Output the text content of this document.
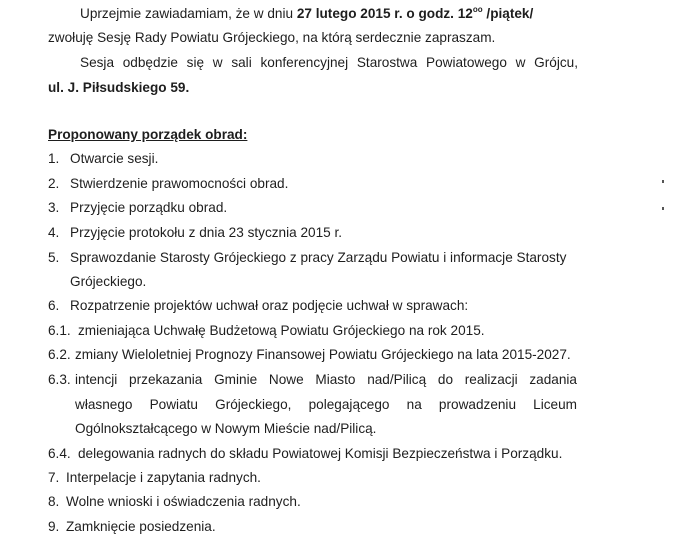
Uprzejmie zawiadamiam, że w dniu 27 lutego 2015 r. o godz. $12^{oo}$ /piątek/
zwołuję Sesję Rady Powiatu Grójeckiego, na którą serdecznie zapraszam.
Sesja odbędzie się w sali konferencyjnej Starostwa Powiatowego w Grójcu,
ul. J. Piłsudskiego 59.
Proponowany porządek obrad:
1. Otwarcie sesji.
2. Stwierdzenie prawomocności obrad.
3. Przyjęcie porządku obrad.
4. Przyjęcie protokołu z dnia 23 stycznia 2015 r.
5. Sprawozdanie Starosty Grójeckiego z pracy Zarządu Powiatu i informacje Starosty
Grójeckiego.
6. Rozpatrzenie projektów uchwał oraz podjęcie uchwał w sprawach:
6.1. zmieniająca Uchwałę Budżetową Powiatu Grójeckiego na rok 2015.
6.2. zmiany Wieloletniej Prognozy Finansowej Powiatu Grójeckiego na lata 2015-2027.
6.3. intencji przekazania Gminie Nowe Miasto nad/Pilicą do realizacji zadania
własnego Powiatu Grójeckiego, polegającego na prowadzeniu Liceum
Ogólnokształcącego w Nowym Mieście nad/Pilicą.
6.4. delegowania radnych do składu Powiatowej Komisji Bezpieczeństwa i Porządku.
7. Interpelacje i zapytania radnych.
8. Wolne wnioski i oświadczenia radnych.
9. Zamknięcie posiedzenia.
